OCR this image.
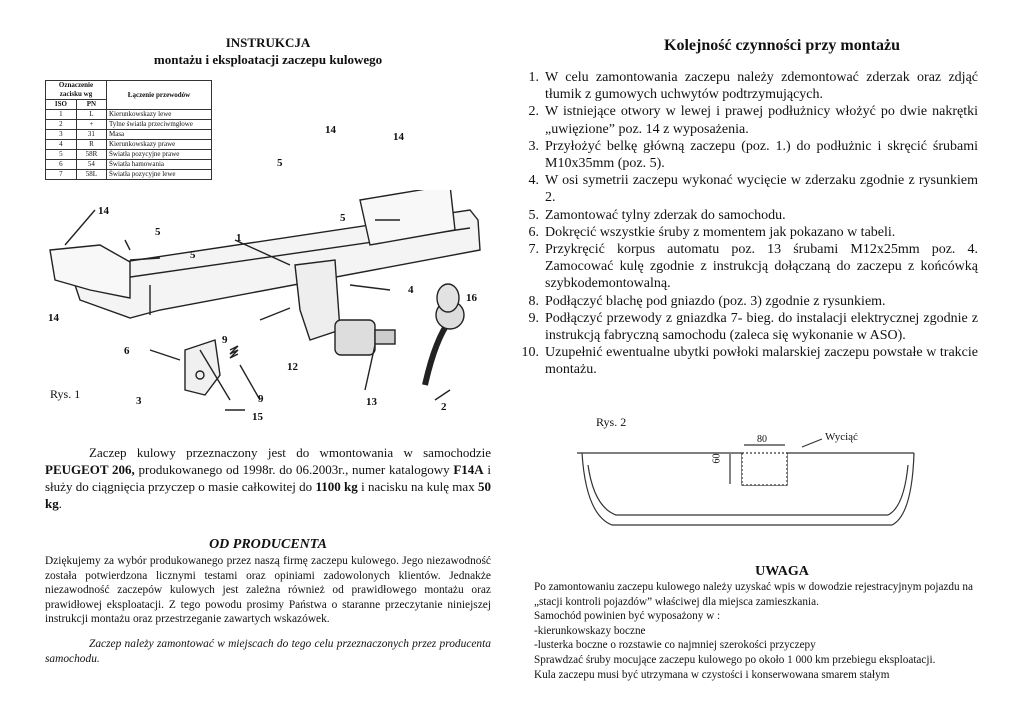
INSTRUKCJA
montażu i eksploatacji zaczepu kulowego
Oznaczenie zacisku wg		Łączenie przewodów
ISO	PN	
1	L	Kierunkowskazy lewe
2	+	Tylne światła przeciwmgłowe
3	31	Masa
4	R	Kierunkowskazy prawe
5	58R	Światła pozycyjne prawe
6	54	Światła hamowania
7	58L	Światła pozycyjne lewe
14
14
5
5
14
5
5
1
4
16
14
6
9
12
3	9	13	2
15
Rys. 1
Zaczep kulowy przeznaczony jest do wmontowania w samochodzie PEUGEOT 206, produkowanego od 1998r. do 06.2003r., numer katalogowy F14A i służy do ciągnięcia przyczep o masie całkowitej do 1100 kg i nacisku na kulę max 50 kg.
OD PRODUCENTA
Dziękujemy za wybór produkowanego przez naszą firmę zaczepu kulowego. Jego niezawodność została potwierdzona licznymi testami oraz opiniami zadowolonych klientów. Jednakże niezawodność zaczepów kulowych jest zależna również od prawidłowego montażu oraz prawidłowej eksploatacji. Z tego powodu prosimy Państwa o staranne przeczytanie niniejszej instrukcji montażu oraz przestrzeganie zawartych wskazówek.
Zaczep należy zamontować w miejscach do tego celu przeznaczonych przez producenta samochodu.
Kolejność czynności przy montażu
1. W celu zamontowania zaczepu należy zdemontować zderzak oraz zdjąć tłumik z gumowych uchwytów podtrzymujących.
2. W istniejące otwory w lewej i prawej podłużnicy włożyć po dwie nakrętki „uwięzione” poz. 14 z wyposażenia.
3. Przyłożyć belkę główną zaczepu (poz. 1.) do podłużnic i skręcić śrubami M10x35mm (poz. 5).
4. W osi symetrii zaczepu wykonać wycięcie w zderzaku zgodnie z rysunkiem 2.
5. Zamontować tylny zderzak do samochodu.
6. Dokręcić wszystkie śruby z momentem jak pokazano w tabeli.
7. Przykręcić korpus automatu poz. 13 śrubami M12x25mm poz. 4. Zamocować kulę zgodnie z instrukcją dołączaną do zaczepu z końcówką szybkodemontowalną.
8. Podłączyć blachę pod gniazdo (poz. 3) zgodnie z rysunkiem.
9. Podłączyć przewody z gniazdka 7- bieg. do instalacji elektrycznej zgodnie z instrukcją fabryczną samochodu (zaleca się wykonanie w ASO).
10. Uzupełnić ewentualne ubytki powłoki malarskiej zaczepu powstałe w trakcie montażu.
Rys. 2
80
60
Wyciąć
UWAGA
Po zamontowaniu zaczepu kulowego należy uzyskać wpis w dowodzie rejestracyjnym pojazdu na „stacji kontroli pojazdów” właściwej dla miejsca zamieszkania.
Samochód powinien być wyposażony w :
-kierunkowskazy boczne
-lusterka boczne o rozstawie co najmniej szerokości przyczepy
Sprawdzać śruby mocujące zaczepu kulowego po około 1 000 km przebiegu eksploatacji.
Kula zaczepu musi być utrzymana w czystości i konserwowana smarem stałym
